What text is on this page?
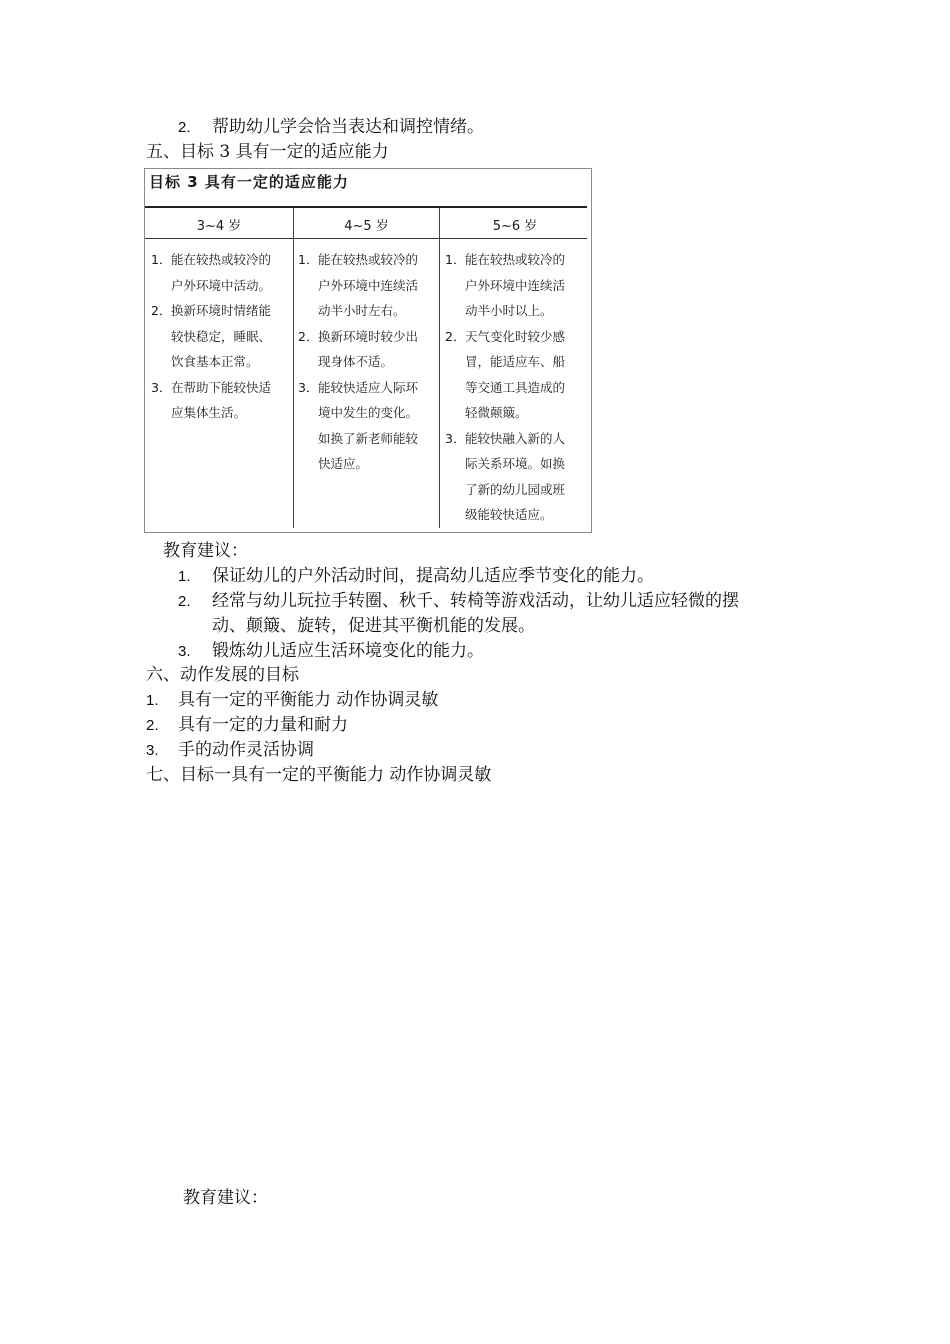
2. 帮助幼儿学会恰当表达和调控情绪。
五、目标 3 具有一定的适应能力
目标 3 具有一定的适应能力
3~4 岁	4~5 岁	5~6 岁
1． 能在较热或较冷的
户外环境中活动。
2． 换新环境时情绪能
较快稳定，睡眠、
饮食基本正常。
3． 在帮助下能较快适
应集体生活。
1． 能在较热或较冷的
户外环境中连续活
动半小时左右。
2． 换新环境时较少出
现身体不适。
3． 能较快适应人际环
境中发生的变化。
如换了新老师能较
快适应。
1． 能在较热或较冷的
户外环境中连续活
动半小时以上。
2． 天气变化时较少感
冒，能适应车、船
等交通工具造成的
轻微颠簸。
3． 能较快融入新的人
际关系环境。如换
了新的幼儿园或班
级能较快适应。
教育建议：
1. 保证幼儿的户外活动时间，提高幼儿适应季节变化的能力。
2. 经常与幼儿玩拉手转圈、秋千、转椅等游戏活动，让幼儿适应轻微的摆
动、颠簸、旋转，促进其平衡机能的发展。
3. 锻炼幼儿适应生活环境变化的能力。
六、动作发展的目标
1. 具有一定的平衡能力 动作协调灵敏
2. 具有一定的力量和耐力
3. 手的动作灵活协调
七、目标一具有一定的平衡能力 动作协调灵敏
教育建议：
